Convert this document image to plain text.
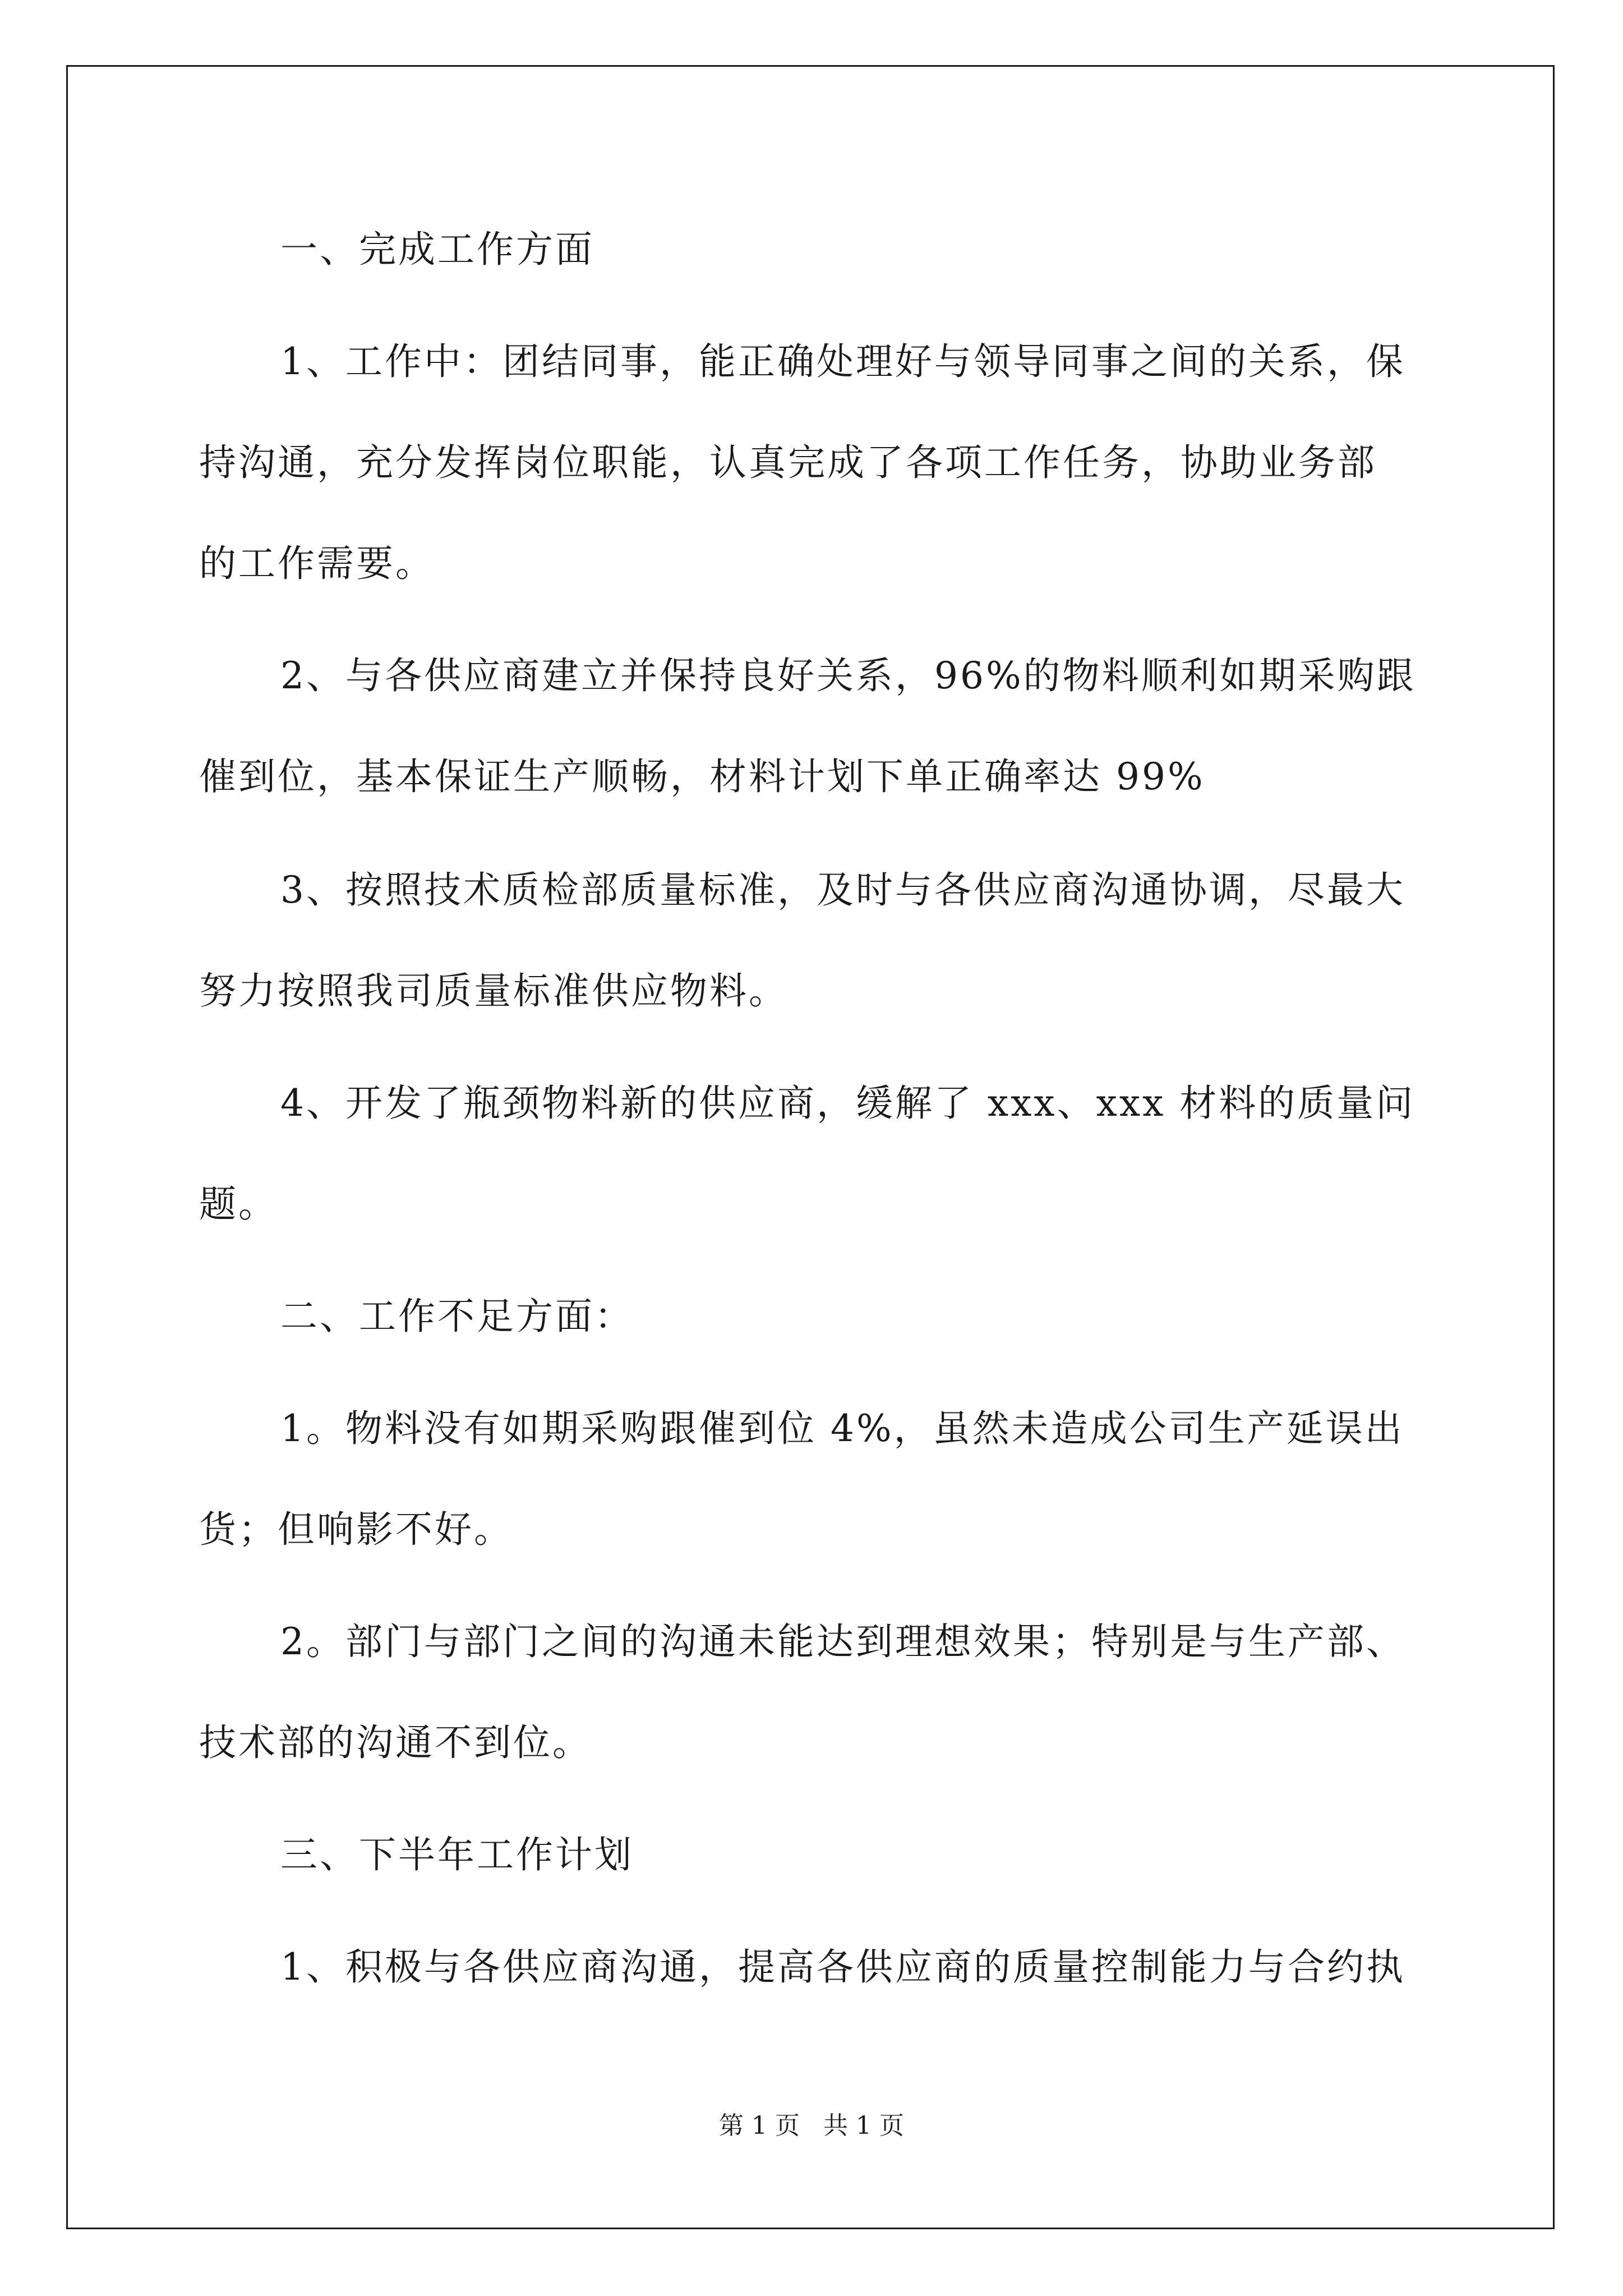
一、完成工作方面

1、工作中：团结同事，能正确处理好与领导同事之间的关系，保

持沟通，充分发挥岗位职能，认真完成了各项工作任务，协助业务部

的工作需要。

2、与各供应商建立并保持良好关系，96%的物料顺利如期采购跟

催到位，基本保证生产顺畅，材料计划下单正确率达 99%

3、按照技术质检部质量标准，及时与各供应商沟通协调，尽最大

努力按照我司质量标准供应物料。

4、开发了瓶颈物料新的供应商，缓解了 xxx、xxx 材料的质量问

题。

二、工作不足方面：

1。物料没有如期采购跟催到位 4%，虽然未造成公司生产延误出

货；但响影不好。

2。部门与部门之间的沟通未能达到理想效果；特别是与生产部、

技术部的沟通不到位。

三、下半年工作计划

1、积极与各供应商沟通，提高各供应商的质量控制能力与合约执

第 1 页   共 1 页
